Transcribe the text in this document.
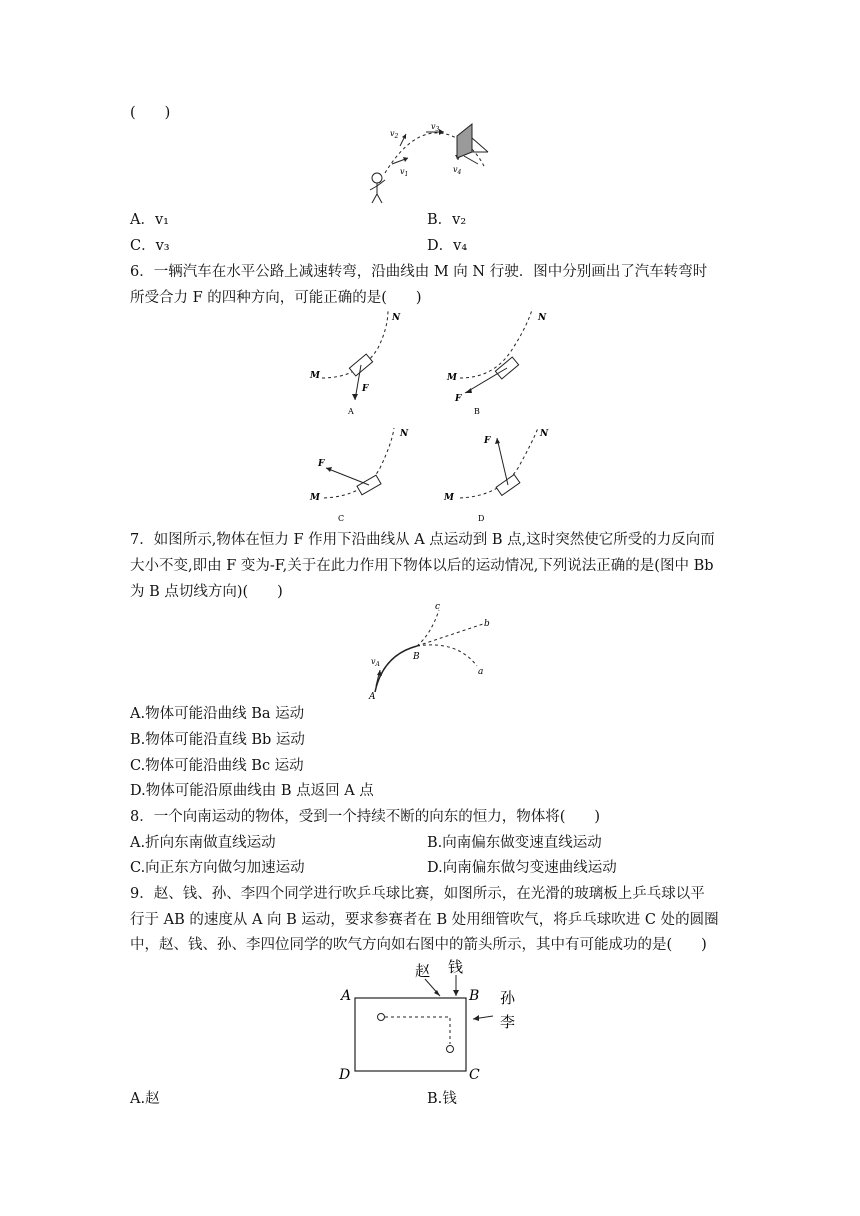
(　　)
$v_1$
$v_2$
$v_3$
$v_4$
A．v₁	B．v₂
C．v₃	D．v₄
6．一辆汽车在水平公路上减速转弯，沿曲线由 M 向 N 行驶．图中分别画出了汽车转弯时
所受合力 F 的四种方向，可能正确的是(　　)
F
M
N
A
F
M
N
B
F
M
N
C
F
M
N
D
7．如图所示,物体在恒力 F 作用下沿曲线从 A 点运动到 B 点,这时突然使它所受的力反向而
大小不变,即由 F 变为-F,关于在此力作用下物体以后的运动情况,下列说法正确的是(图中 Bb
为 B 点切线方向)(　　)
c
b
B
a
$v_A$
A
A.物体可能沿曲线 Ba 运动
B.物体可能沿直线 Bb 运动
C.物体可能沿曲线 Bc 运动
D.物体可能沿原曲线由 B 点返回 A 点
8．一个向南运动的物体，受到一个持续不断的向东的恒力，物体将(　　)
A.折向东南做直线运动	B.向南偏东做变速直线运动
C.向正东方向做匀加速运动	D.向南偏东做匀变速曲线运动
9．赵、钱、孙、李四个同学进行吹乒乓球比赛，如图所示，在光滑的玻璃板上乒乓球以平
行于 AB 的速度从 A 向 B 运动，要求参赛者在 B 处用细管吹气，将乒乓球吹进 C 处的圆圈
中，赵、钱、孙、李四位同学的吹气方向如右图中的箭头所示，其中有可能成功的是(　　)
赵 钱
孙
李
A	B
C
D
A.赵	B.钱
